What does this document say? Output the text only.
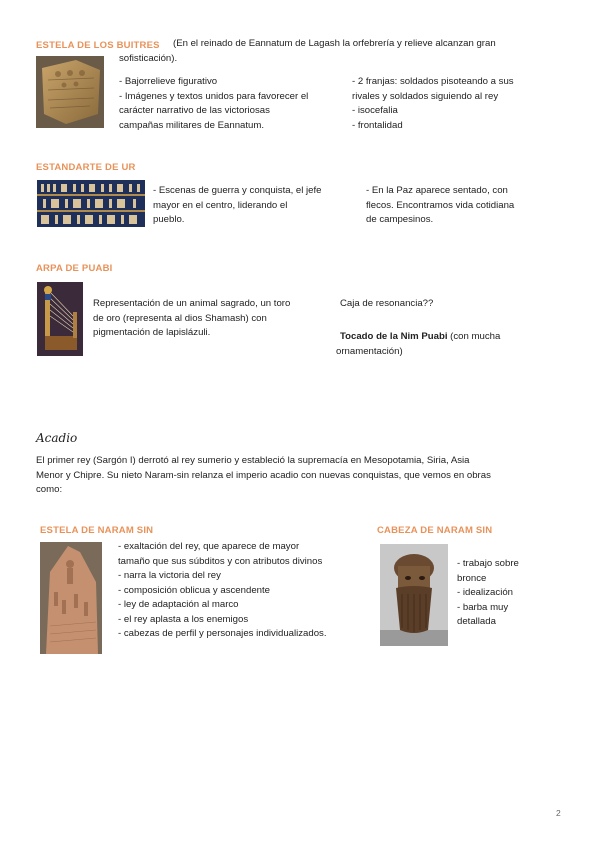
ESTELA DE LOS BUITRES (En el reinado de Eannatum de Lagash la orfebrería y relieve alcanzan gran
sofisticación).
- Bajorrelieve figurativo
- Imágenes y textos unidos para favorecer el
carácter narrativo de las victoriosas
campañas militares de Eannatum.
- 2 franjas: soldados pisoteando a sus
rivales y soldados siguiendo al rey
- isocefalia
- frontalidad
ESTANDARTE DE UR
- Escenas de guerra y conquista, el jefe
mayor en el centro, liderando el
pueblo.
- En la Paz aparece sentado, con
flecos. Encontramos vida cotidiana
de campesinos.
ARPA DE PUABI
Representación de un animal sagrado, un toro
de oro (representa al dios Shamash) con
pigmentación de lapislázuli.
Caja de resonancia??
Tocado de la Nim Puabi (con mucha
ornamentación)
Acadio
El primer rey (Sargón I) derrotó al rey sumerio y estableció la supremacía en Mesopotamia, Siria, Asia
Menor y Chipre. Su nieto Naram-sin relanza el imperio acadio con nuevas conquistas, que vemos en obras
como:
ESTELA DE NARAM SIN
- exaltación del rey, que aparece de mayor
tamaño que sus súbditos y con atributos divinos
- narra la victoria del rey
- composición oblicua y ascendente
- ley de adaptación al marco
- el rey aplasta a los enemigos
- cabezas de perfil y personajes individualizados.
CABEZA DE NARAM SIN
- trabajo sobre
bronce
- idealización
- barba muy
detallada
2
